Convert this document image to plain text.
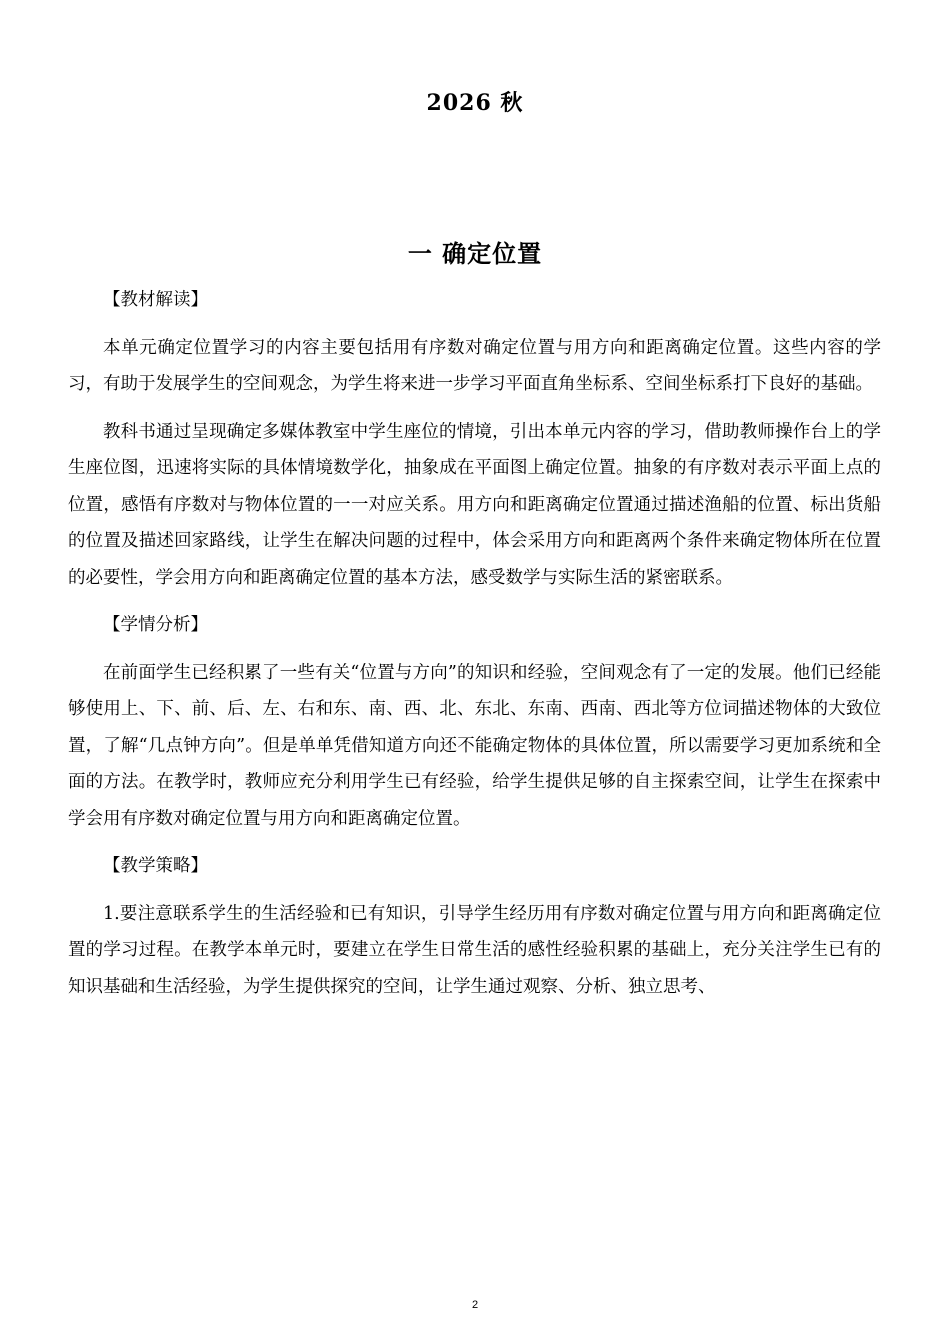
2026 秋
一 确定位置
【教材解读】

本单元确定位置学习的内容主要包括用有序数对确定位置与用方向和距离确定位置。这些内容的学习，有助于发展学生的空间观念，为学生将来进一步学习平面直角坐标系、空间坐标系打下良好的基础。

教科书通过呈现确定多媒体教室中学生座位的情境，引出本单元内容的学习，借助教师操作台上的学生座位图，迅速将实际的具体情境数学化，抽象成在平面图上确定位置。抽象的有序数对表示平面上点的位置，感悟有序数对与物体位置的一一对应关系。用方向和距离确定位置通过描述渔船的位置、标出货船的位置及描述回家路线，让学生在解决问题的过程中，体会采用方向和距离两个条件来确定物体所在位置的必要性，学会用方向和距离确定位置的基本方法，感受数学与实际生活的紧密联系。

【学情分析】

在前面学生已经积累了一些有关“位置与方向”的知识和经验，空间观念有了一定的发展。他们已经能够使用上、下、前、后、左、右和东、南、西、北、东北、东南、西南、西北等方位词描述物体的大致位置，了解“几点钟方向”。但是单单凭借知道方向还不能确定物体的具体位置，所以需要学习更加系统和全面的方法。在教学时，教师应充分利用学生已有经验，给学生提供足够的自主探索空间，让学生在探索中学会用有序数对确定位置与用方向和距离确定位置。

【教学策略】

1.要注意联系学生的生活经验和已有知识，引导学生经历用有序数对确定位置与用方向和距离确定位置的学习过程。在教学本单元时，要建立在学生日常生活的感性经验积累的基础上，充分关注学生已有的知识基础和生活经验，为学生提供探究的空间，让学生通过观察、分析、独立思考、

2
